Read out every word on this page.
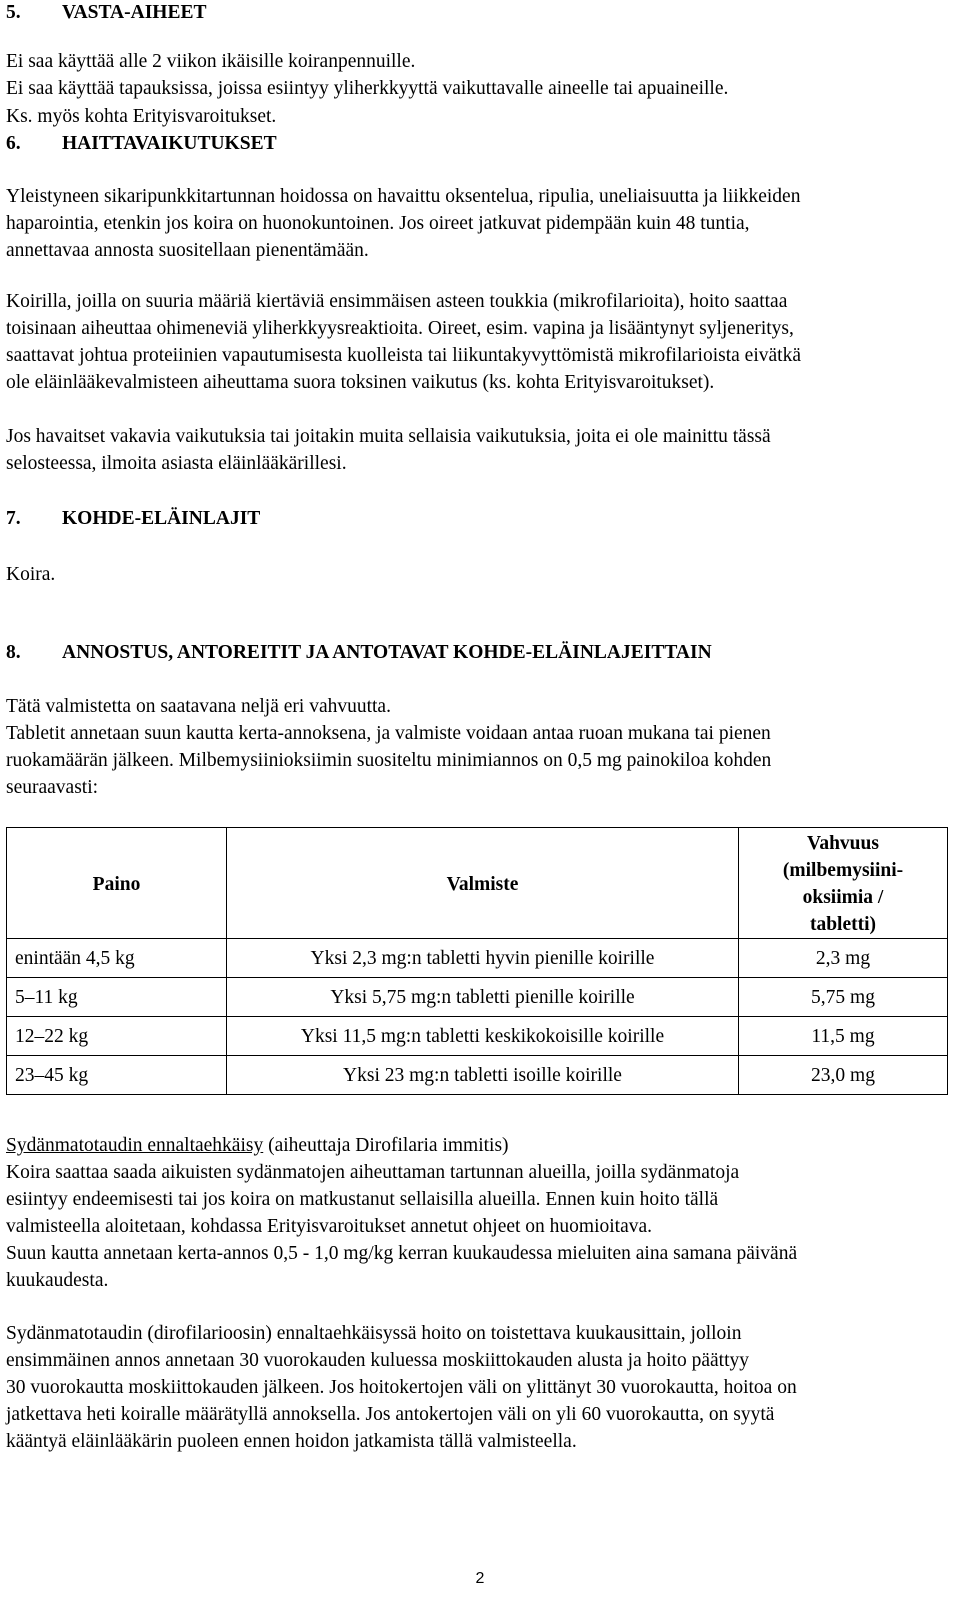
5. VASTA-AIHEET
Ei saa käyttää alle 2 viikon ikäisille koiranpennuille.
Ei saa käyttää tapauksissa, joissa esiintyy yliherkkyyttä vaikuttavalle aineelle tai apuaineille.
Ks. myös kohta Erityisvaroitukset.
6. HAITTAVAIKUTUKSET
Yleistyneen sikaripunkkitartunnan hoidossa on havaittu oksentelua, ripulia, uneliaisuutta ja liikkeiden
haparointia, etenkin jos koira on huonokuntoinen. Jos oireet jatkuvat pidempään kuin 48 tuntia,
annettavaa annosta suositellaan pienentämään.
Koirilla, joilla on suuria määriä kiertäviä ensimmäisen asteen toukkia (mikrofilarioita), hoito saattaa
toisinaan aiheuttaa ohimeneviä yliherkkyysreaktioita. Oireet, esim. vapina ja lisääntynyt syljeneritys,
saattavat johtua proteiinien vapautumisesta kuolleista tai liikuntakyvyttömistä mikrofilarioista eivätkä
ole eläinlääkevalmisteen aiheuttama suora toksinen vaikutus (ks. kohta Erityisvaroitukset).
Jos havaitset vakavia vaikutuksia tai joitakin muita sellaisia vaikutuksia, joita ei ole mainittu tässä
selosteessa, ilmoita asiasta eläinlääkärillesi.
7. KOHDE-ELÄINLAJIT
Koira.
8. ANNOSTUS, ANTOREITIT JA ANTOTAVAT KOHDE-ELÄINLAJEITTAIN
Tätä valmistetta on saatavana neljä eri vahvuutta.
Tabletit annetaan suun kautta kerta-annoksena, ja valmiste voidaan antaa ruoan mukana tai pienen
ruokamäärän jälkeen. Milbemysiinioksiimin suositeltu minimiannos on 0,5 mg painokiloa kohden
seuraavasti:
Paino	Valmiste	Vahvuus
(milbemysiini-
oksiimia /
tabletti)

enintään 4,5 kg	Yksi 2,3 mg:n tabletti hyvin pienille koirille	2,3 mg
5–11 kg	Yksi 5,75 mg:n tabletti pienille koirille	5,75 mg
12–22 kg	Yksi 11,5 mg:n tabletti keskikokoisille koirille	11,5 mg
23–45 kg	Yksi 23 mg:n tabletti isoille koirille	23,0 mg
Sydänmatotaudin ennaltaehkäisy (aiheuttaja Dirofilaria immitis)
Koira saattaa saada aikuisten sydänmatojen aiheuttaman tartunnan alueilla, joilla sydänmatoja
esiintyy endeemisesti tai jos koira on matkustanut sellaisilla alueilla. Ennen kuin hoito tällä
valmisteella aloitetaan, kohdassa Erityisvaroitukset annetut ohjeet on huomioitava.
Suun kautta annetaan kerta-annos 0,5 - 1,0 mg/kg kerran kuukaudessa mieluiten aina samana päivänä
kuukaudesta.
Sydänmatotaudin (dirofilarioosin) ennaltaehkäisyssä hoito on toistettava kuukausittain, jolloin
ensimmäinen annos annetaan 30 vuorokauden kuluessa moskiittokauden alusta ja hoito päättyy
30 vuorokautta moskiittokauden jälkeen. Jos hoitokertojen väli on ylittänyt 30 vuorokautta, hoitoa on
jatkettava heti koiralle määrätyllä annoksella. Jos antokertojen väli on yli 60 vuorokautta, on syytä
kääntyä eläinlääkärin puoleen ennen hoidon jatkamista tällä valmisteella.
2
